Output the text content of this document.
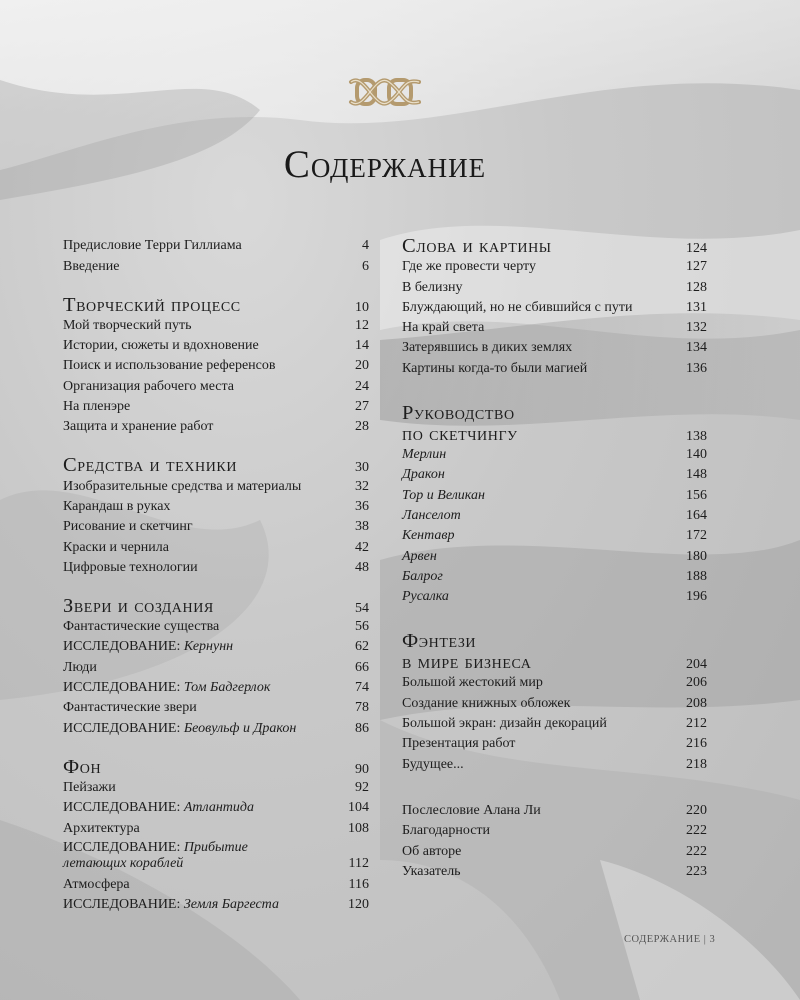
Содержание
Предисловие Терри Гиллиама	4
Введение	6
Творческий процесс	10
Мой творческий путь	12
Истории, сюжеты и вдохновение	14
Поиск и использование референсов	20
Организация рабочего места	24
На пленэре	27
Защита и хранение работ	28
Средства и техники	30
Изобразительные средства и материалы	32
Карандаш в руках	36
Рисование и скетчинг	38
Краски и чернила	42
Цифровые технологии	48
Звери и создания	54
Фантастические существа	56
ИССЛЕДОВАНИЕ: Кернунн	62
Люди	66
ИССЛЕДОВАНИЕ: Том Бадгерлок	74
Фантастические звери	78
ИССЛЕДОВАНИЕ: Беовульф и Дракон	86
Фон	90
Пейзажи	92
ИССЛЕДОВАНИЕ: Атлантида	104
Архитектура	108
ИССЛЕДОВАНИЕ: Прибытие
летающих кораблей	112
Атмосфера	116
ИССЛЕДОВАНИЕ: Земля Баргеста	120
Слова и картины	124
Где же провести черту	127
В белизну	128
Блуждающий, но не сбившийся с пути	131
На край света	132
Затерявшись в диких землях	134
Картины когда-то были магией	136
Руководство
по скетчингу	138
Мерлин	140
Дракон	148
Тор и Великан	156
Ланселот	164
Кентавр	172
Арвен	180
Балрог	188
Русалка	196
Фэнтези
в мире бизнеса	204
Большой жестокий мир	206
Создание книжных обложек	208
Большой экран: дизайн декораций	212
Презентация работ	216
Будущее...	218
Послесловие Алана Ли	220
Благодарности	222
Об авторе	222
Указатель	223
СОДЕРЖАНИЕ | 3
